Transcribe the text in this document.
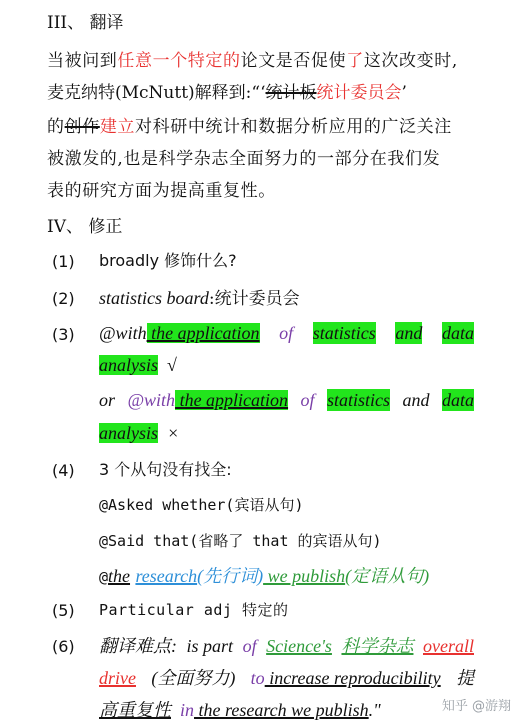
III、 翻译
当被问到任意一个特定的论文是否促使了这次改变时,
麦克纳特(McNutt)解释到:“‘统计板统计委员会’
的创作建立对科研中统计和数据分析应用的广泛关注
被激发的,也是科学杂志全面努力的一部分在我们发
表的研究方面为提高重复性。
IV、 修正
(1) broadly 修饰什么?
(2) statistics board:统计委员会
(3) @with the application of statistics and data
analysis √
or @with the application of statistics and data
analysis ×
(4) 3 个从句没有找全:
@Asked whether(宾语从句)
@Said that(省略了 that 的宾语从句)
@the research(先行词) we publish(定语从句)
(5) Particular adj 特定的
(6) 翻译难点: is part of Science's 科学杂志 overall
drive (全面努力) to increase reproducibility 提
高重复性 in the research we publish."	知乎 @游翔
